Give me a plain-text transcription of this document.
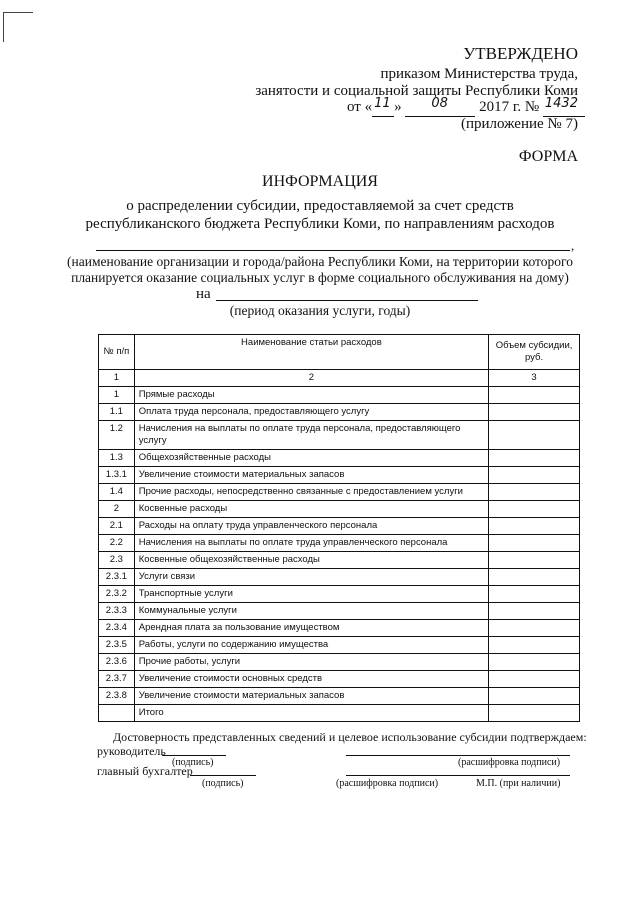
УТВЕРЖДЕНО
приказом Министерства труда,
занятости и социальной защиты Республики Коми
от « 11 » 08 2017 г. № 1432

(приложение № 7)
ФОРМА
ИНФОРМАЦИЯ
о распределении субсидии, предоставляемой за счет средств
республиканского бюджета Республики Коми, по направлениям расходов
,
(наименование организации и города/района Республики Коми, на территории которого
планируется оказание социальных услуг в форме социального обслуживания на дому)
на
(период оказания услуги, годы)
№ п/п	Наименование статьи расходов	Объем субсидии, руб.
1	2	3
1	Прямые расходы	
1.1	Оплата труда персонала, предоставляющего услугу	
1.2	Начисления на выплаты по оплате труда персонала, предоставляющего услугу	
1.3	Общехозяйственные расходы	
1.3.1	Увеличение стоимости материальных запасов	
1.4	Прочие расходы, непосредственно связанные с предоставлением услуги	
2	Косвенные расходы	
2.1	Расходы на оплату труда управленческого персонала	
2.2	Начисления на выплаты по оплате труда управленческого персонала	
2.3	Косвенные общехозяйственные расходы	
2.3.1	Услуги связи	
2.3.2	Транспортные услуги	
2.3.3	Коммунальные услуги	
2.3.4	Арендная плата за пользование имуществом	
2.3.5	Работы, услуги по содержанию имущества	
2.3.6	Прочие работы, услуги	
2.3.7	Увеличение стоимости основных средств	
2.3.8	Увеличение стоимости материальных запасов	
	Итого	
Достоверность представленных сведений и целевое использование субсидии подтверждаем:
руководитель
(подпись)	(расшифровка подписи)
главный бухгалтер
(подпись)	(расшифровка подписи)	М.П. (при наличии)
